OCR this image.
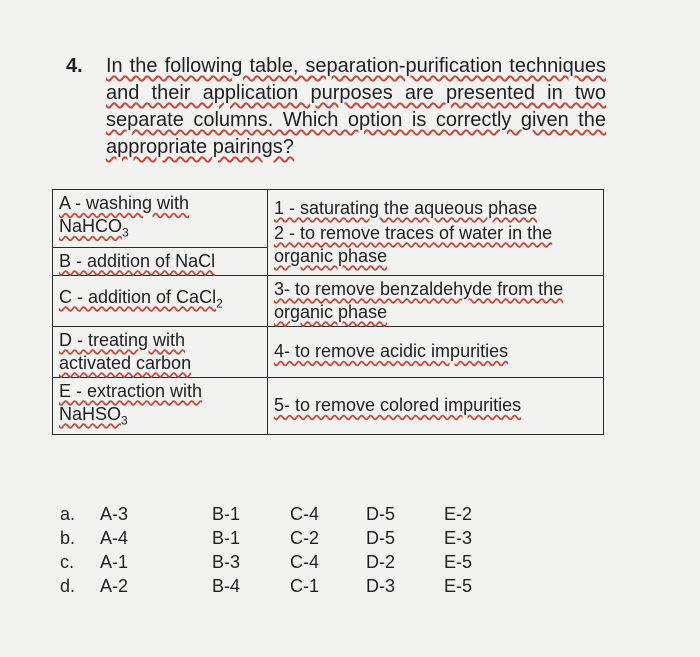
4. In the following table, separation-purification techniques and their application purposes are presented in two separate columns. Which option is correctly given the appropriate pairings?
A - washing with NaHCO$_3$	1 - saturating the aqueous phase
2 - to remove traces of water in the organic phase

B - addition of NaCl	
C - addition of CaCl$_2$	3- to remove benzaldehyde from the organic phase
D - treating with activated carbon	4- to remove acidic impurities
E - extraction with NaHSO$_3$	5- to remove colored impurities
a.	A-3	B-1	C-4	D-5	E-2
b.	A-4	B-1	C-2	D-5	E-3
c.	A-1	B-3	C-4	D-2	E-5
d.	A-2	B-4	C-1	D-3	E-5
